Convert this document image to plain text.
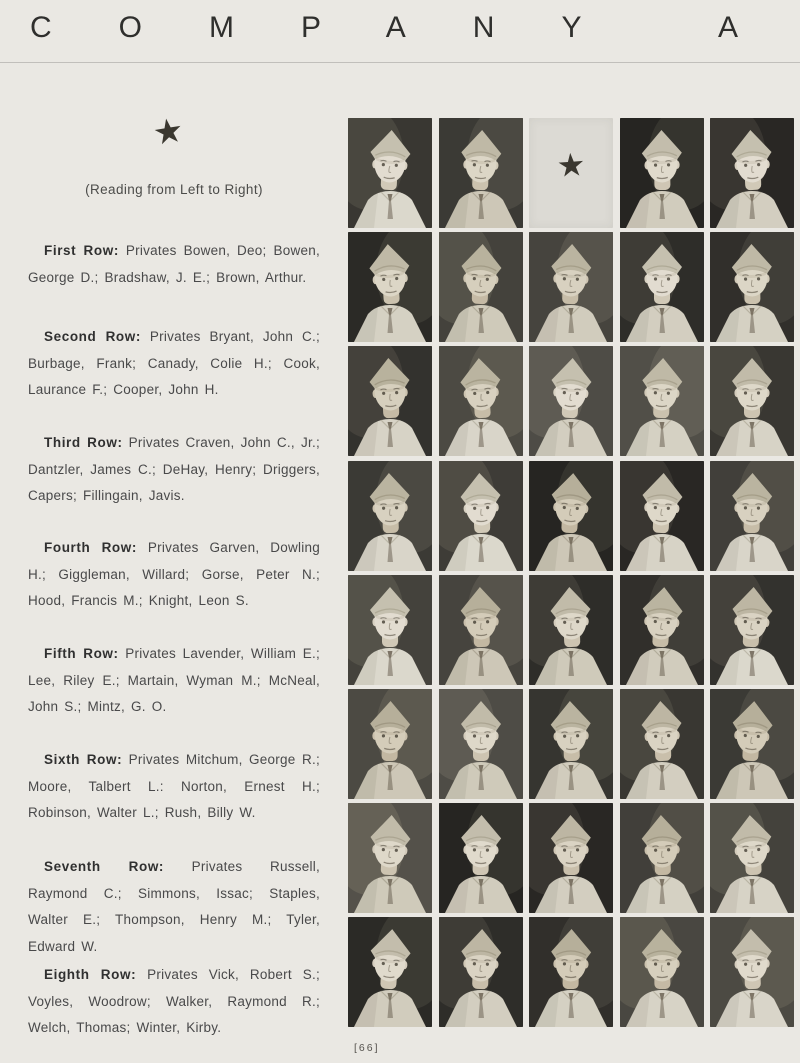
COMPANY A
★
(Reading from Left to Right)
First Row: Privates Bowen, Deo; Bowen, George D.; Bradshaw, J. E.; Brown, Arthur.
Second Row: Privates Bryant, John C.; Burbage, Frank; Canady, Colie H.; Cook, Laurance F.; Cooper, John H.
Third Row: Privates Craven, John C., Jr.; Dantzler, James C.; DeHay, Henry; Driggers, Capers; Fillingain, Javis.
Fourth Row: Privates Garven, Dowling H.; Giggleman, Willard; Gorse, Peter N.; Hood, Francis M.; Knight, Leon S.
Fifth Row: Privates Lavender, William E.; Lee, Riley E.; Martain, Wyman M.; McNeal, John S.; Mintz, G. O.
Sixth Row: Privates Mitchum, George R.; Moore, Talbert L.: Norton, Ernest H.; Robinson, Walter L.; Rush, Billy W.
Seventh Row: Privates Russell, Raymond C.; Simmons, Issac; Staples, Walter E.; Thompson, Henry M.; Tyler, Edward W.
Eighth Row: Privates Vick, Robert S.; Voyles, Woodrow; Walker, Raymond R.; Welch, Thomas; Winter, Kirby.
★
[66]
